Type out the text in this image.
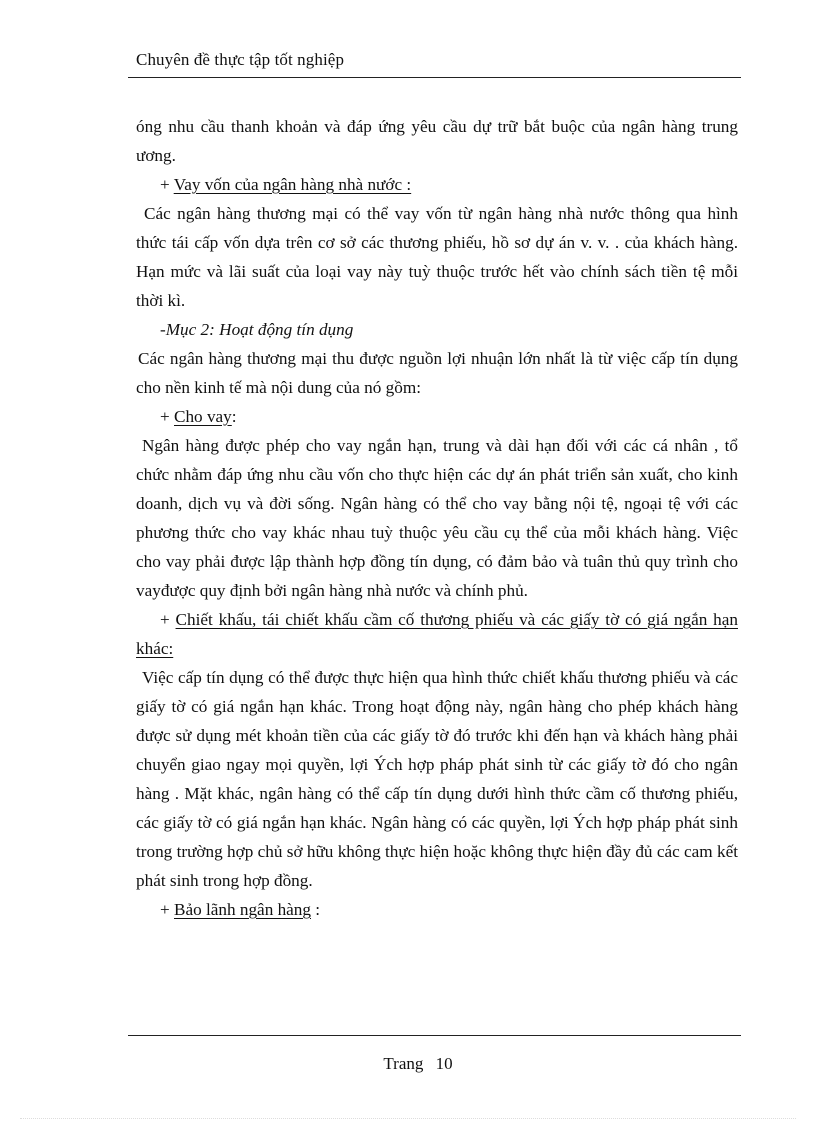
Chuyên đề thực tập tốt nghiệp

óng nhu cầu thanh khoản và đáp ứng yêu cầu dự trữ bắt buộc của ngân hàng trung ương.

+ Vay vốn của ngân hàng nhà nước :

Các ngân hàng thương mại có thể vay vốn từ ngân hàng nhà nước thông qua hình thức tái cấp vốn dựa trên cơ sở các thương phiếu, hồ sơ dự án v. v. . của khách hàng. Hạn mức và lãi suất của loại vay này tuỳ thuộc trước hết vào chính sách tiền tệ mỗi thời kì.

-Mục 2: Hoạt động tín dụng

Các ngân hàng thương mại thu được nguồn lợi nhuận lớn nhất là từ việc cấp tín dụng cho nền kinh tế mà nội dung của nó gồm:

+ Cho vay:

Ngân hàng được phép cho vay ngắn hạn, trung và dài hạn đối với các cá nhân , tổ chức nhằm đáp ứng nhu cầu vốn cho thực hiện các dự án phát triển sản xuất, cho kinh doanh, dịch vụ và đời sống. Ngân hàng có thể cho vay bằng nội tệ, ngoại tệ với các phương thức cho vay khác nhau tuỳ thuộc yêu cầu cụ thể của mỗi khách hàng. Việc cho vay phải được lập thành hợp đồng tín dụng, có đảm bảo và tuân thủ quy trình cho vayđược quy định bởi ngân hàng nhà nước và chính phủ.

+ Chiết khấu, tái chiết khấu cầm cố thương phiếu và các giấy tờ có giá ngắn hạn khác:

Việc cấp tín dụng có thể được thực hiện qua hình thức chiết khấu thương phiếu và các giấy tờ có giá ngắn hạn khác. Trong hoạt động này, ngân hàng cho phép khách hàng được sử dụng mét khoản tiền của các giấy tờ đó trước khi đến hạn và khách hàng phải chuyển giao ngay mọi quyền, lợi Ých hợp pháp phát sinh từ các giấy tờ đó cho ngân hàng . Mặt khác, ngân hàng có thể cấp tín dụng dưới hình thức cầm cố thương phiếu, các giấy tờ có giá ngắn hạn khác. Ngân hàng có các quyền, lợi Ých hợp pháp phát sinh trong trường hợp chủ sở hữu không thực hiện hoặc không thực hiện đầy đủ các cam kết phát sinh trong hợp đồng.

+ Bảo lãnh ngân hàng :

Trang 10
